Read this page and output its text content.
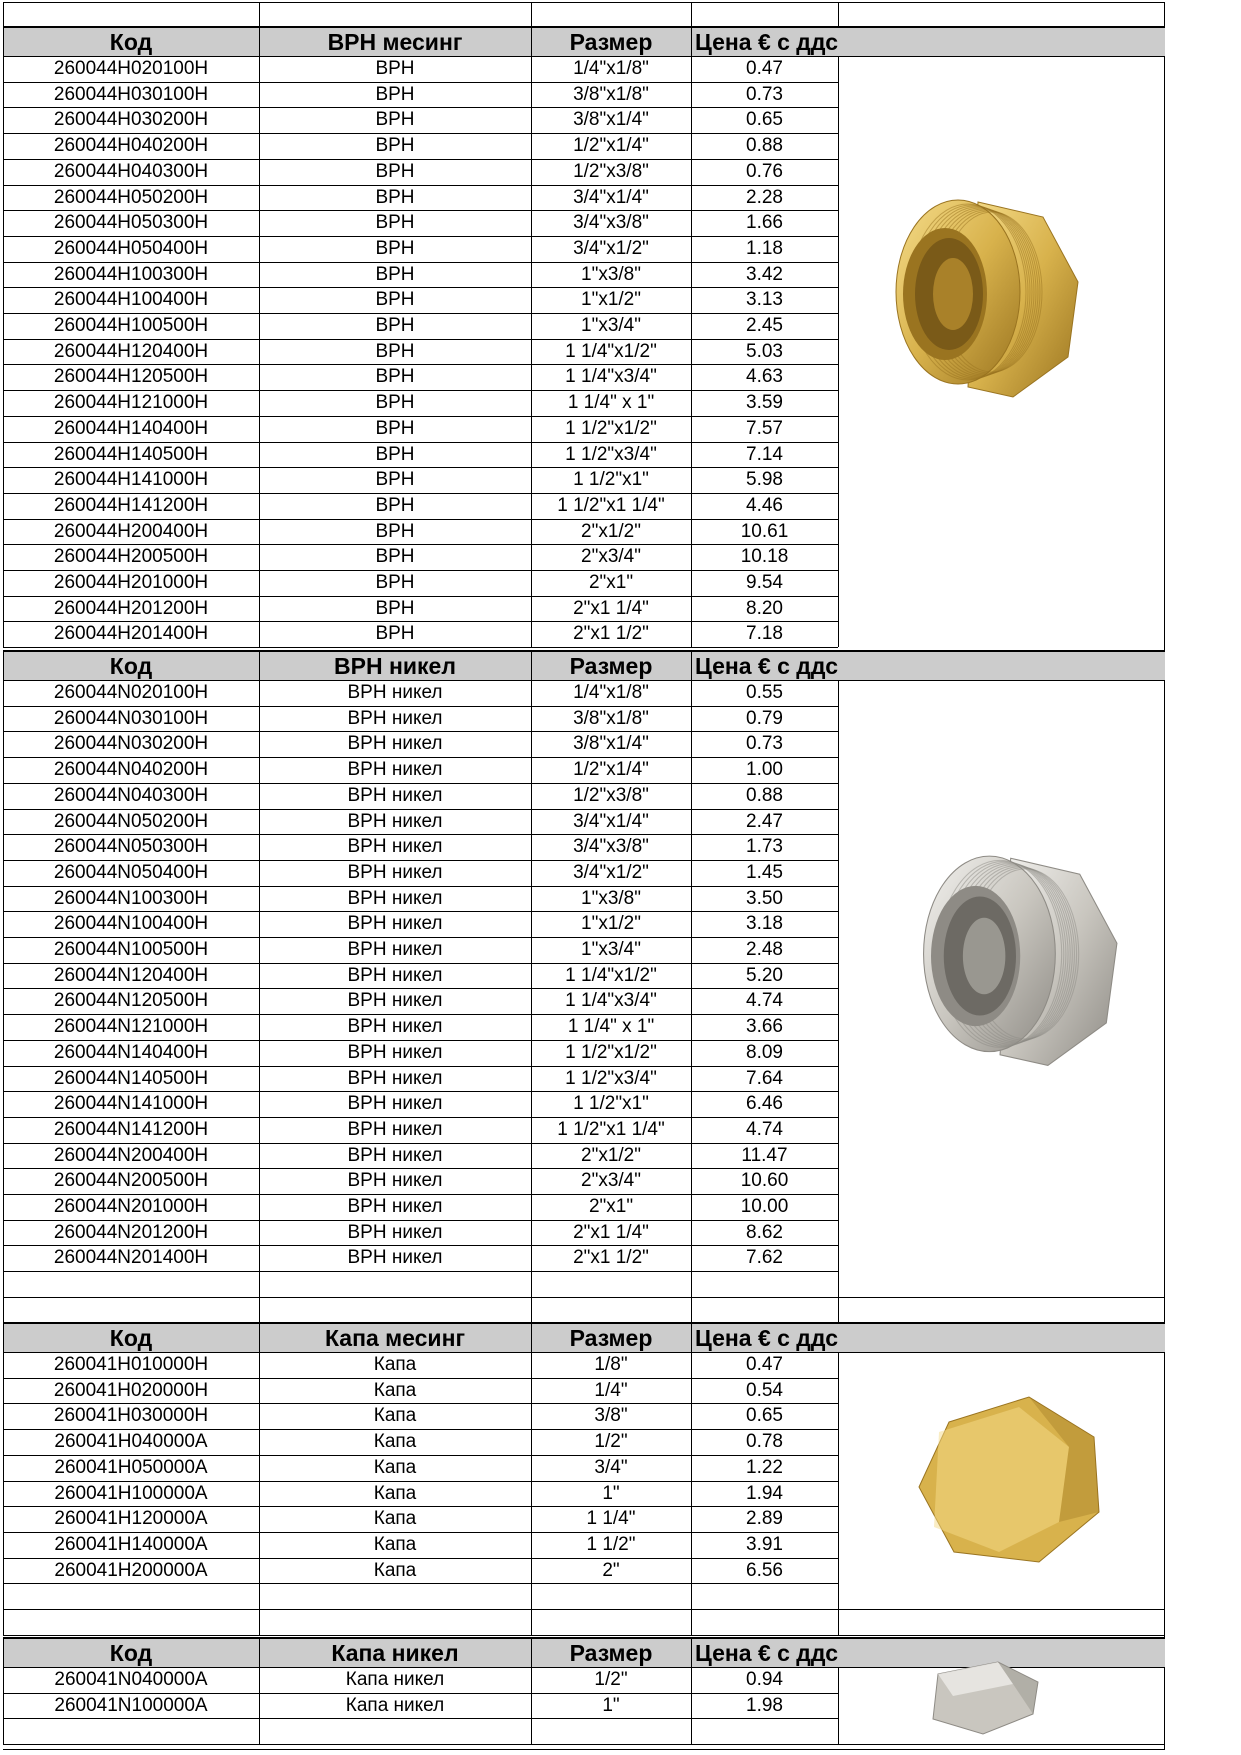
Код	ВРН месинг	Размер	Цена € с ддс
260044H020100H	ВРН	1/4"x1/8"	0.47
260044H030100H	ВРН	3/8"x1/8"	0.73
260044H030200H	ВРН	3/8"x1/4"	0.65
260044H040200H	ВРН	1/2"x1/4"	0.88
260044H040300H	ВРН	1/2"x3/8"	0.76
260044H050200H	ВРН	3/4"x1/4"	2.28
260044H050300H	ВРН	3/4"x3/8"	1.66
260044H050400H	ВРН	3/4"x1/2"	1.18
260044H100300H	ВРН	1"x3/8"	3.42
260044H100400H	ВРН	1"x1/2"	3.13
260044H100500H	ВРН	1"x3/4"	2.45
260044H120400H	ВРН	1 1/4"x1/2"	5.03
260044H120500H	ВРН	1 1/4"x3/4"	4.63
260044H121000H	ВРН	1 1/4" x 1"	3.59
260044H140400H	ВРН	1 1/2"x1/2"	7.57
260044H140500H	ВРН	1 1/2"x3/4"	7.14
260044H141000H	ВРН	1 1/2"x1"	5.98
260044H141200H	ВРН	1 1/2"x1 1/4"	4.46
260044H200400H	ВРН	2"x1/2"	10.61
260044H200500H	ВРН	2"x3/4"	10.18
260044H201000H	ВРН	2"x1"	9.54
260044H201200H	ВРН	2"x1 1/4"	8.20
260044H201400H	ВРН	2"x1 1/2"	7.18
Код	ВРН никел	Размер	Цена € с ддс
260044N020100H	ВРН никел	1/4"x1/8"	0.55
260044N030100H	ВРН никел	3/8"x1/8"	0.79
260044N030200H	ВРН никел	3/8"x1/4"	0.73
260044N040200H	ВРН никел	1/2"x1/4"	1.00
260044N040300H	ВРН никел	1/2"x3/8"	0.88
260044N050200H	ВРН никел	3/4"x1/4"	2.47
260044N050300H	ВРН никел	3/4"x3/8"	1.73
260044N050400H	ВРН никел	3/4"x1/2"	1.45
260044N100300H	ВРН никел	1"x3/8"	3.50
260044N100400H	ВРН никел	1"x1/2"	3.18
260044N100500H	ВРН никел	1"x3/4"	2.48
260044N120400H	ВРН никел	1 1/4"x1/2"	5.20
260044N120500H	ВРН никел	1 1/4"x3/4"	4.74
260044N121000H	ВРН никел	1 1/4" x 1"	3.66
260044N140400H	ВРН никел	1 1/2"x1/2"	8.09
260044N140500H	ВРН никел	1 1/2"x3/4"	7.64
260044N141000H	ВРН никел	1 1/2"x1"	6.46
260044N141200H	ВРН никел	1 1/2"x1 1/4"	4.74
260044N200400H	ВРН никел	2"x1/2"	11.47
260044N200500H	ВРН никел	2"x3/4"	10.60
260044N201000H	ВРН никел	2"x1"	10.00
260044N201200H	ВРН никел	2"x1 1/4"	8.62
260044N201400H	ВРН никел	2"x1 1/2"	7.62
Код	Капа месинг	Размер	Цена € с ддс
260041H010000H	Капа	1/8"	0.47
260041H020000H	Капа	1/4"	0.54
260041H030000H	Капа	3/8"	0.65
260041H040000A	Капа	1/2"	0.78
260041H050000A	Капа	3/4"	1.22
260041H100000A	Капа	1"	1.94
260041H120000A	Капа	1 1/4"	2.89
260041H140000A	Капа	1 1/2"	3.91
260041H200000A	Капа	2"	6.56
Код	Капа никел	Размер	Цена € с ддс
260041N040000A	Капа никел	1/2"	0.94
260041N100000A	Капа никел	1"	1.98
